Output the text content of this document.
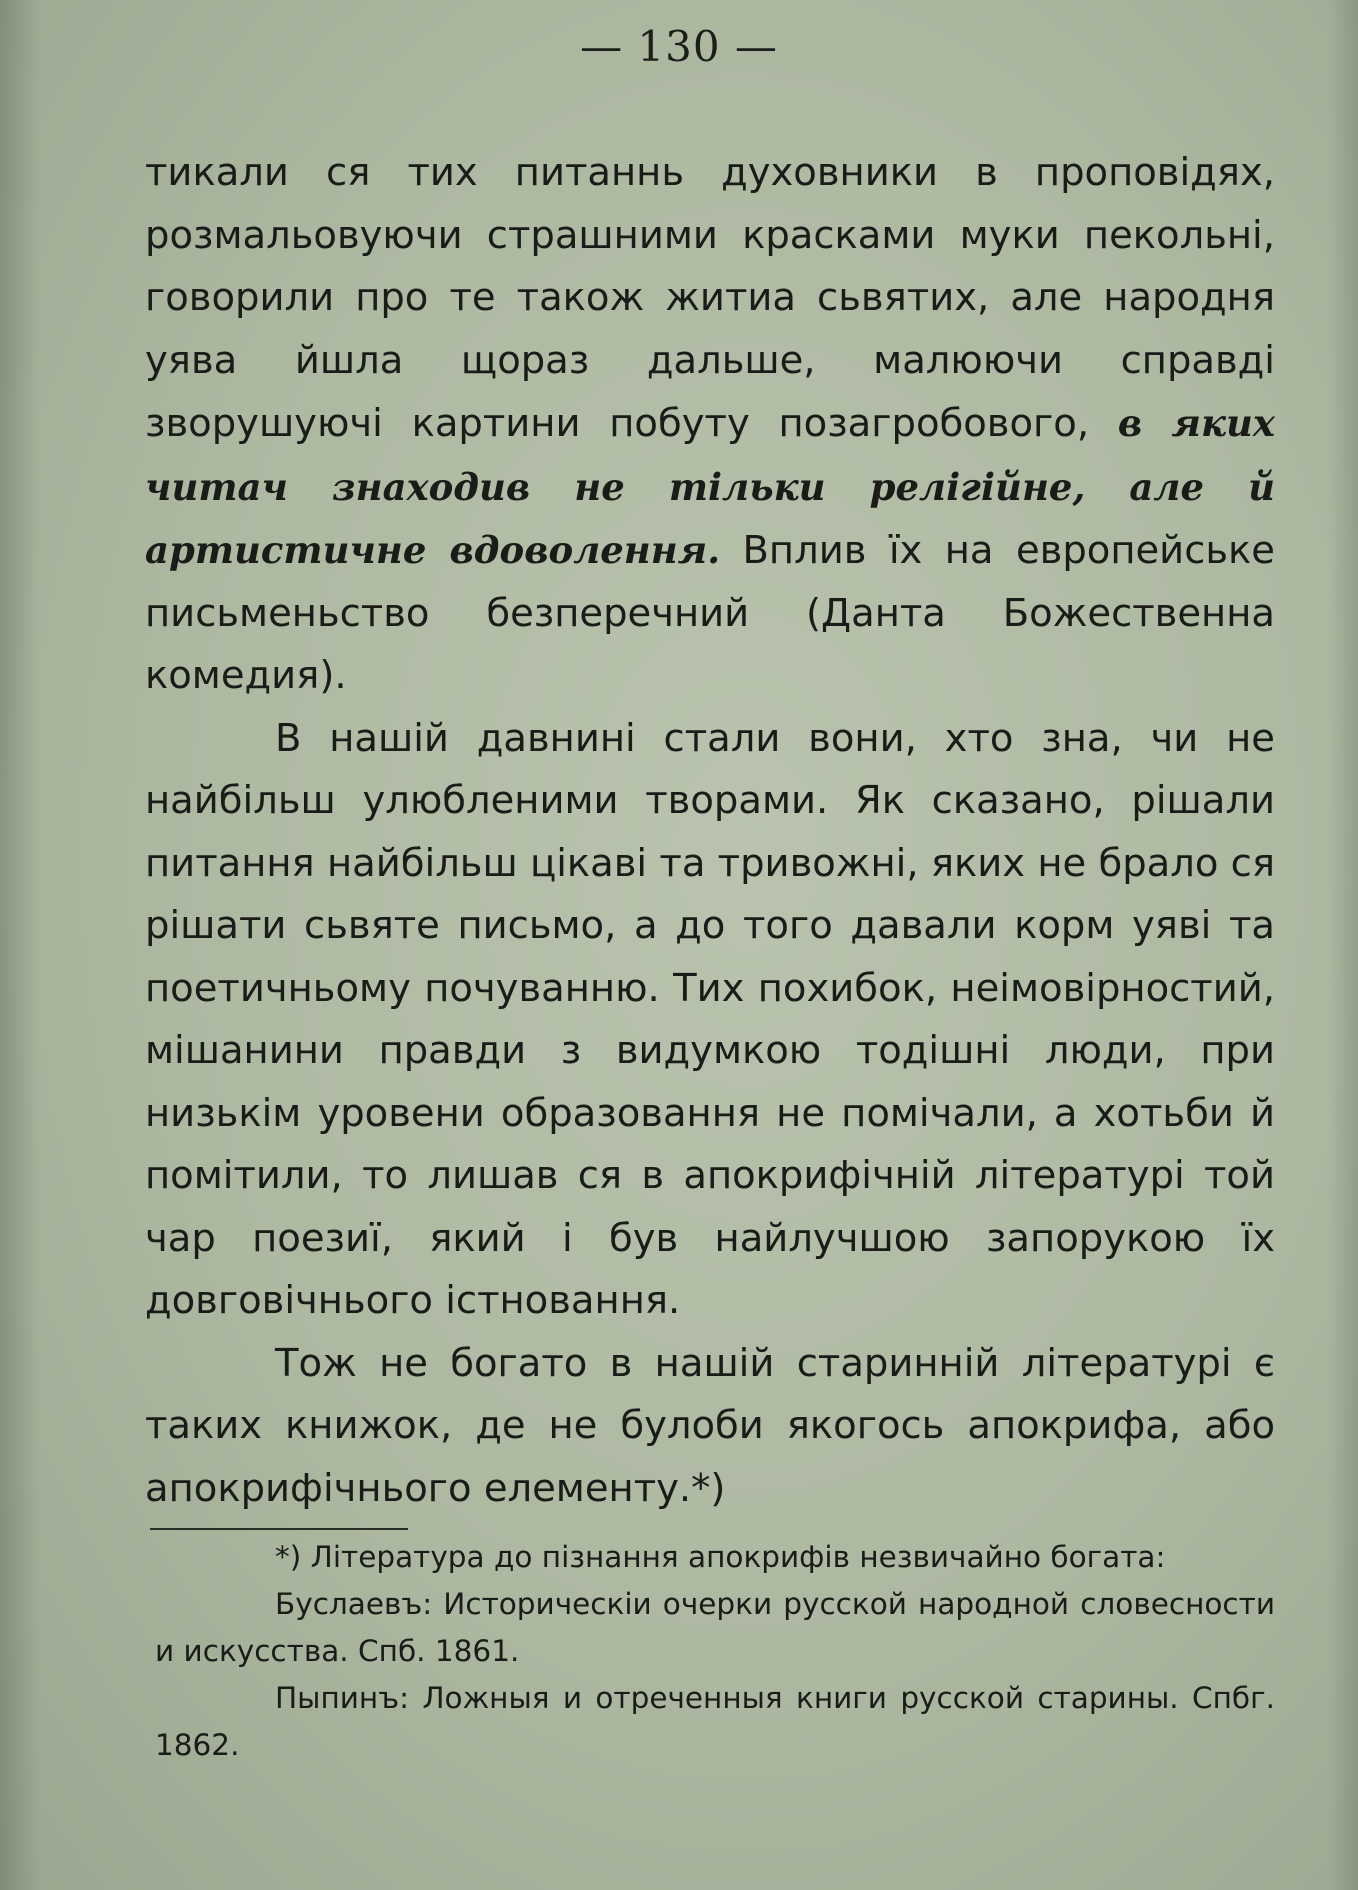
— 130 —

тикали ся тих питаннь духовники в проповідях, розмальовуючи страшними красками муки пекольні, говорили про те також житиа сьвятих, але народня уява йшла щораз дальше, малюючи справді зворушуючі картини побуту позагробового, в яких читач знаходив не тільки релігійне, але й артистичне вдоволення. Вплив їх на европейське письменьство безперечний (Данта Божественна комедия).

В нашій давнині стали вони, хто зна, чи не найбільш улюбленими творами. Як сказано, рішали питання найбільш цікаві та тривожні, яких не брало ся рішати сьвяте письмо, а до того давали корм уяві та поетичньому почуванню. Тих похибок, неімовірностий, мішанини правди з видумкою тодішні люди, при низькім уровени образовання не помічали, а хотьби й помітили, то лишав ся в апокрифічній літературі той чар поезиї, який і був найлучшою запорукою їх довговічнього істновання.

Тож не богато в нашій старинній літературі є таких книжок, де не булоби якогось апокрифа, або апокрифічнього елементу.*)

*) Література до пізнання апокрифів незвичайно богата:

Буслаевъ: Историческіи очерки русской народной словесности и искусства. Спб. 1861.

Пыпинъ: Ложныя и отреченныя книги русской старины. Спбг. 1862.
